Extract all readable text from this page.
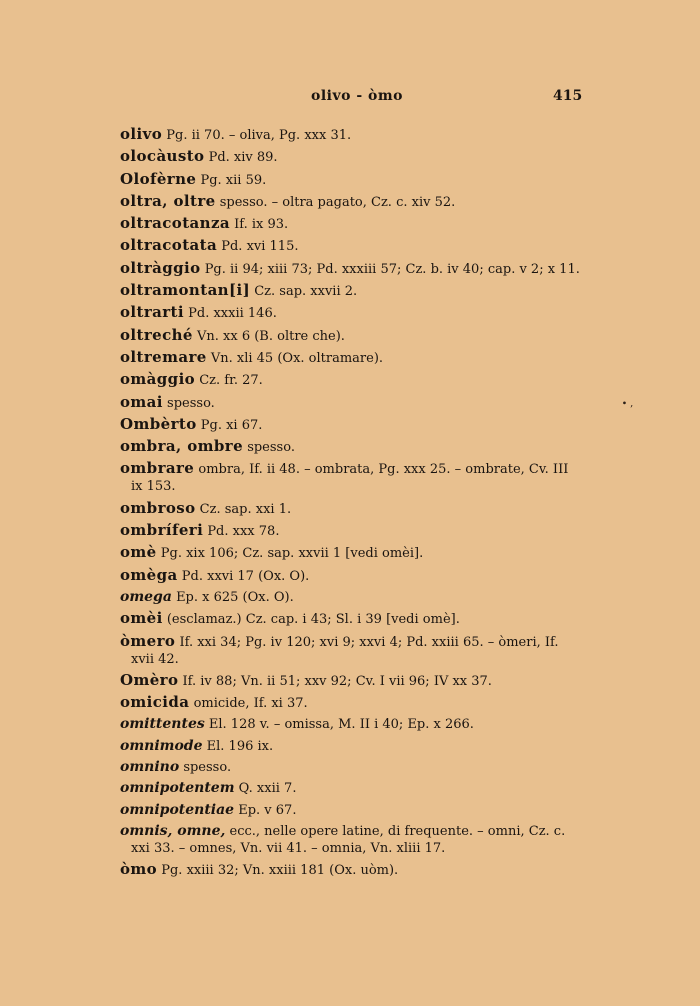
olivo - òmo	415
olivo Pg. ii 70. – oliva, Pg. xxx 31.
olocàusto Pd. xiv 89.
Olofèrne Pg. xii 59.
oltra, oltre spesso. – oltra pagato, Cz. c. xiv 52.
oltracotanza If. ix 93.
oltracotata Pd. xvi 115.
oltràggio Pg. ii 94; xiii 73; Pd. xxxiii 57; Cz. b. iv 40; cap. v 2; x 11.
oltramontan[i] Cz. sap. xxvii 2.
oltrarti Pd. xxxii 146.
oltreché Vn. xx 6 (B. oltre che).
oltremare Vn. xli 45 (Ox. oltramare).
omàggio Cz. fr. 27.
omai spesso.
Ombèrto Pg. xi 67.
ombra, ombre spesso.
ombrare ombra, If. ii 48. – ombrata, Pg. xxx 25. – ombrate, Cv. III ix 153.
ombroso Cz. sap. xxi 1.
ombríferi Pd. xxx 78.
omè Pg. xix 106; Cz. sap. xxvii 1 [vedi omèi].
omèga Pd. xxvi 17 (Ox. O).
omega Ep. x 625 (Ox. O).
omèi (esclamaz.) Cz. cap. i 43; Sl. i 39 [vedi omè].
òmero If. xxi 34; Pg. iv 120; xvi 9; xxvi 4; Pd. xxiii 65. – òmeri, If. xvii 42.
Omèro If. iv 88; Vn. ii 51; xxv 92; Cv. I vii 96; IV xx 37.
omicida omicide, If. xi 37.
omittentes El. 128 v. – omissa, M. II i 40; Ep. x 266.
omnimode El. 196 ix.
omnino spesso.
omnipotentem Q. xxii 7.
omnipotentiae Ep. v 67.
omnis, omne, ecc., nelle opere latine, di frequente. – omni, Cz. c. xxi 33. – omnes, Vn. vii 41. – omnia, Vn. xliii 17.
òmo Pg. xxiii 32; Vn. xxiii 181 (Ox. uòm).
∙ ,
